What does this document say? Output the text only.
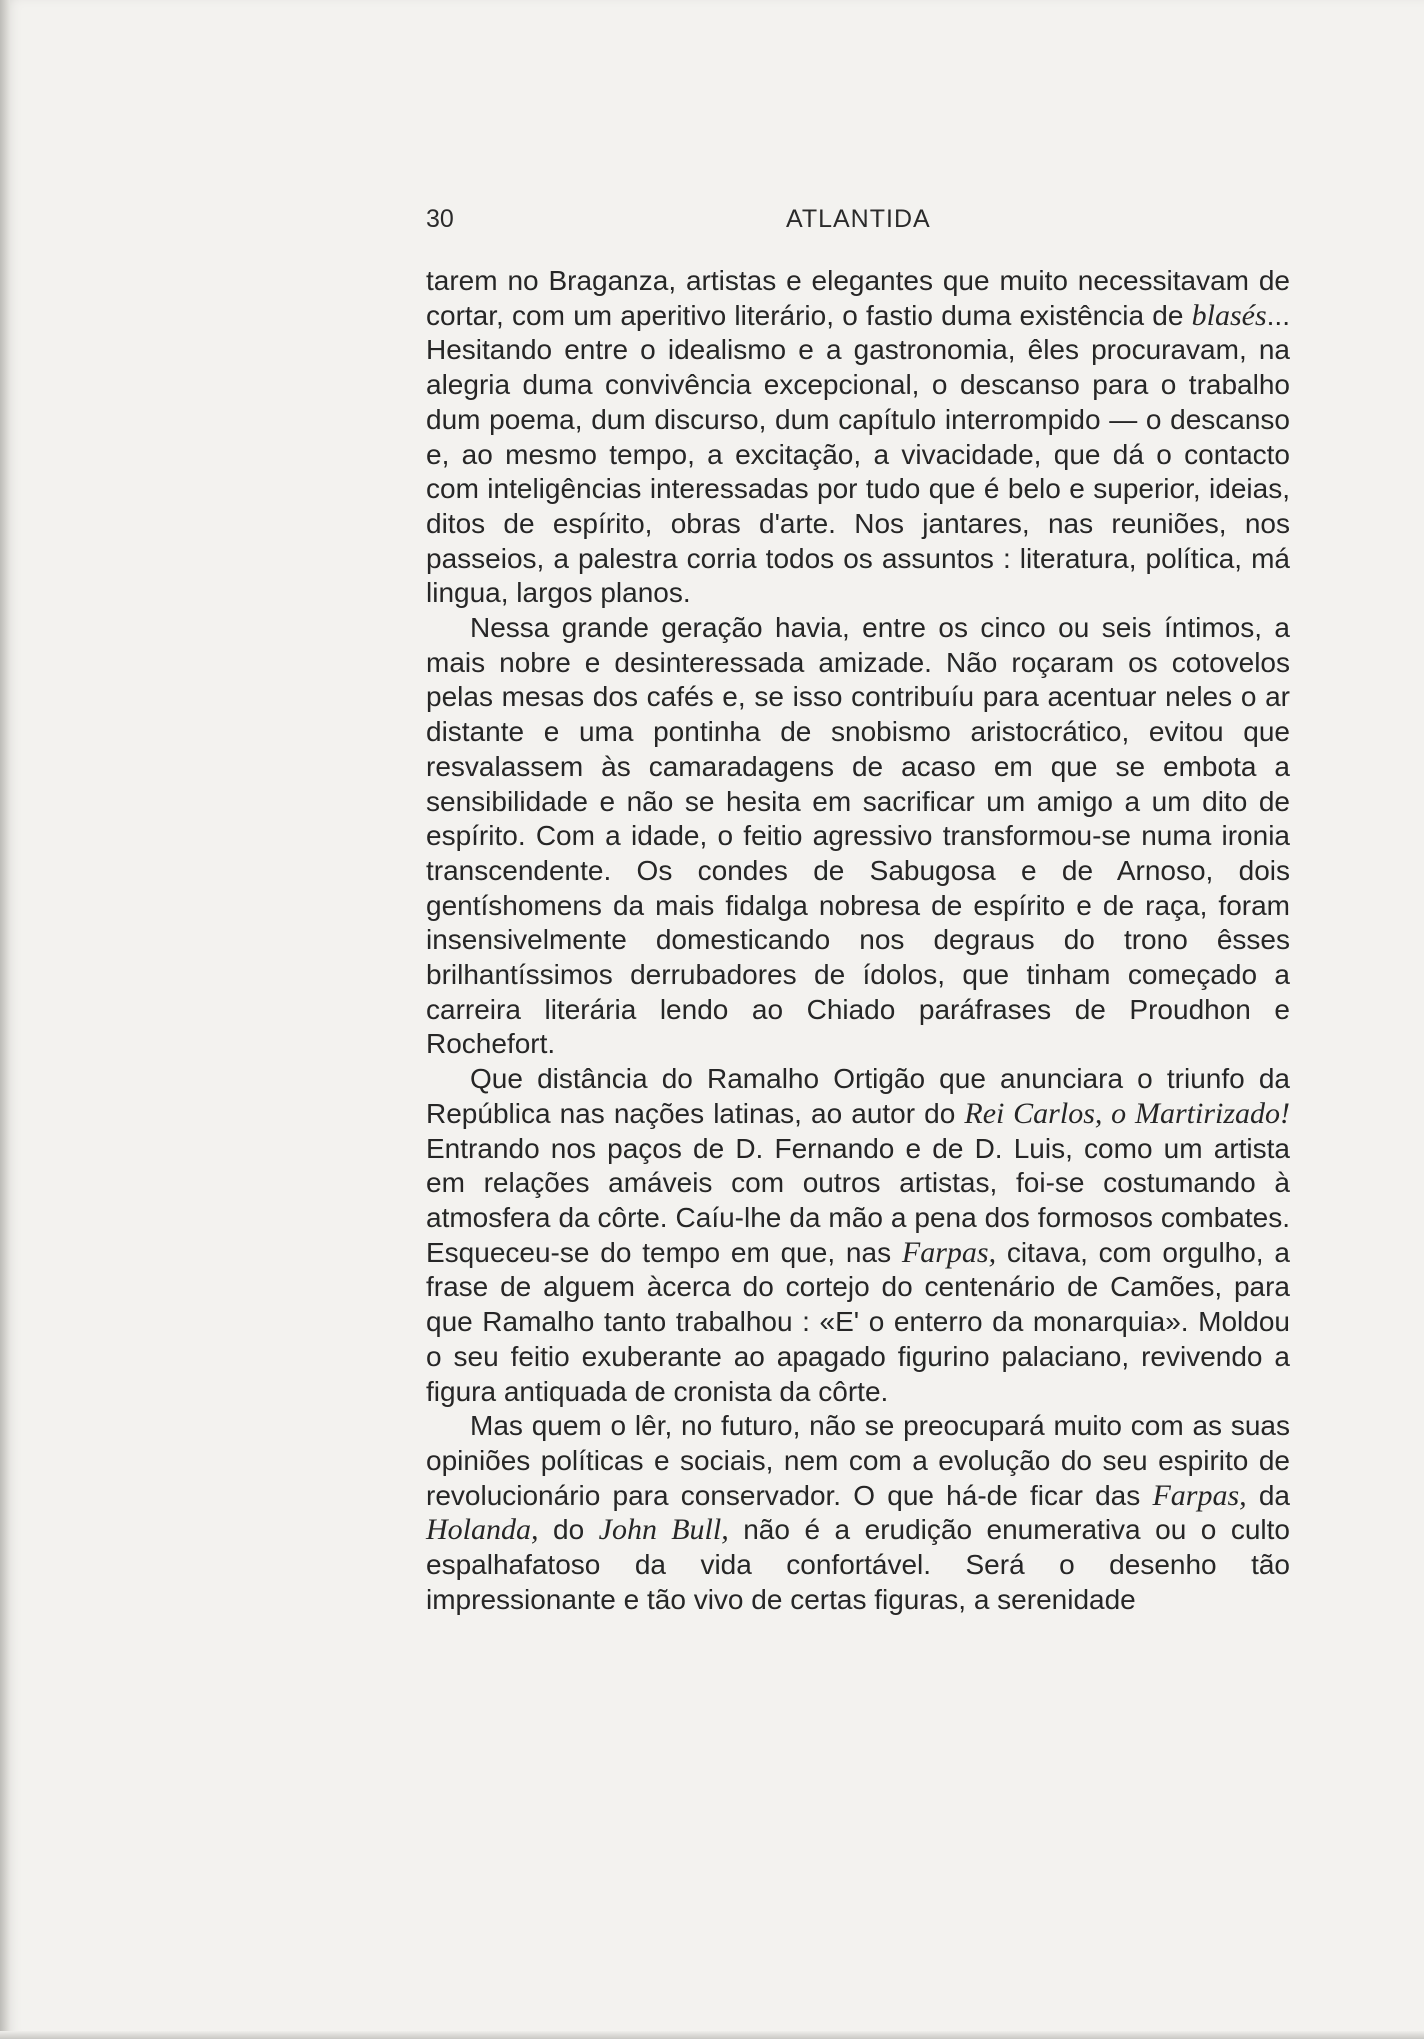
30	ATLANTIDA

tarem no Braganza, artistas e elegantes que muito necessitavam de cortar, com um aperitivo literário, o fastio duma existência de blasés... Hesitando entre o idealismo e a gastronomia, êles procuravam, na alegria duma convivência excepcional, o descanso para o trabalho dum poema, dum discurso, dum capítulo interrompido — o descanso e, ao mesmo tempo, a excitação, a vivacidade, que dá o contacto com inteligências interessadas por tudo que é belo e superior, ideias, ditos de espírito, obras d'arte. Nos jantares, nas reuniões, nos passeios, a palestra corria todos os assuntos : literatura, política, má lingua, largos planos.

Nessa grande geração havia, entre os cinco ou seis íntimos, a mais nobre e desinteressada amizade. Não roçaram os cotovelos pelas mesas dos cafés e, se isso contribuíu para acentuar neles o ar distante e uma pontinha de snobismo aristocrático, evitou que resvalassem às camaradagens de acaso em que se embota a sensibilidade e não se hesita em sacrificar um amigo a um dito de espírito. Com a idade, o feitio agressivo transformou-se numa ironia transcendente. Os condes de Sabugosa e de Arnoso, dois gentíshomens da mais fidalga nobresa de espírito e de raça, foram insensivelmente domesticando nos degraus do trono êsses brilhantíssimos derrubadores de ídolos, que tinham começado a carreira literária lendo ao Chiado paráfrases de Proudhon e Rochefort.

Que distância do Ramalho Ortigão que anunciara o triunfo da República nas nações latinas, ao autor do Rei Carlos, o Martirizado! Entrando nos paços de D. Fernando e de D. Luis, como um artista em relações amáveis com outros artistas, foi-se costumando à atmosfera da côrte. Caíu-lhe da mão a pena dos formosos combates. Esqueceu-se do tempo em que, nas Farpas, citava, com orgulho, a frase de alguem àcerca do cortejo do centenário de Camões, para que Ramalho tanto trabalhou : «E' o enterro da monarquia». Moldou o seu feitio exuberante ao apagado figurino palaciano, revivendo a figura antiquada de cronista da côrte.

Mas quem o lêr, no futuro, não se preocupará muito com as suas opiniões políticas e sociais, nem com a evolução do seu espirito de revolucionário para conservador. O que há-de ficar das Farpas, da Holanda, do John Bull, não é a erudição enumerativa ou o culto espalhafatoso da vida confortável. Será o desenho tão impressionante e tão vivo de certas figuras, a serenidade
